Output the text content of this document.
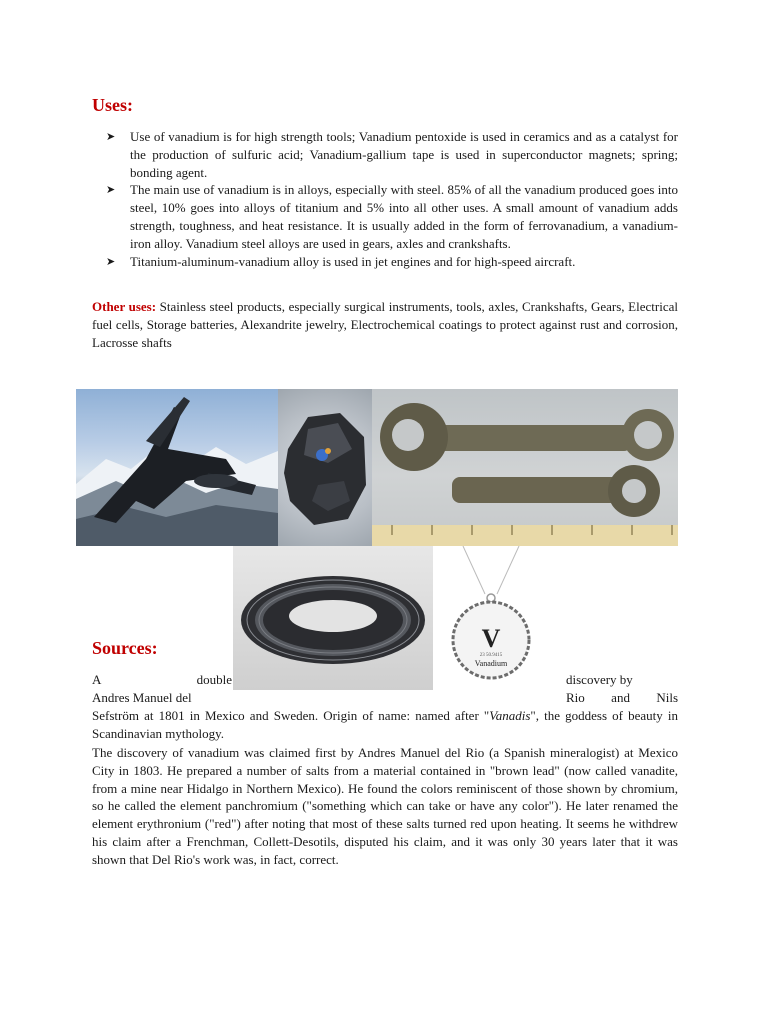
Uses:
➤ Use of vanadium is for high strength tools; Vanadium pentoxide is used in ceramics and as a catalyst for the production of sulfuric acid; Vanadium-gallium tape is used in superconductor magnets; spring; bonding agent.
➤ The main use of vanadium is in alloys, especially with steel. 85% of all the vanadium produced goes into steel, 10% goes into alloys of titanium and 5% into all other uses. A small amount of vanadium adds strength, toughness, and heat resistance. It is usually added in the form of ferrovanadium, a vanadium-iron alloy. Vanadium steel alloys are used in gears, axles and crankshafts.
➤ Titanium-aluminum-vanadium alloy is used in jet engines and for high-speed aircraft.

Other uses: Stainless steel products, especially surgical instruments, tools, axles, Crankshafts, Gears, Electrical fuel cells, Storage batteries, Alexandrite jewelry, Electrochemical coatings to protect against rust and corrosion, Lacrosse shafts

V
23 50.9415
Vanadium
Sources:
A	double	discovery by

Andres Manuel del	Rio and Nils

Sefström at 1801 in Mexico and Sweden. Origin of name: named after "Vanadis", the goddess of beauty in Scandinavian mythology.

The discovery of vanadium was claimed first by Andres Manuel del Rio (a Spanish mineralogist) at Mexico City in 1803. He prepared a number of salts from a material contained in "brown lead" (now called vanadite, from a mine near Hidalgo in Northern Mexico). He found the colors reminiscent of those shown by chromium, so he called the element panchromium ("something which can take or have any color"). He later renamed the element erythronium ("red") after noting that most of these salts turned red upon heating. It seems he withdrew his claim after a Frenchman, Collett-Desotils, disputed his claim, and it was only 30 years later that it was shown that Del Rio's work was, in fact, correct.
